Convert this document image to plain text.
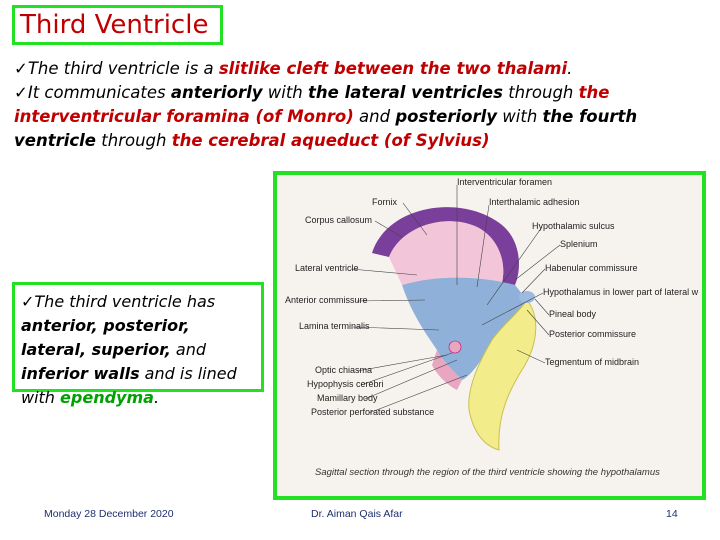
Third Ventricle

✓The third ventricle is a slitlike cleft between the two thalami.

✓It communicates anteriorly with the lateral ventricles through the interventricular foramina (of Monro) and posteriorly with the fourth ventricle through the cerebral aqueduct (of Sylvius)

Fornix
Corpus callosum
Lateral ventricle
Anterior commissure
Lamina terminalis
Optic chiasma
Hypophysis cerebri
Mamillary body
Posterior perforated substance
Interventricular foramen
Interthalamic adhesion
Hypothalamic sulcus
Splenium
Habenular commissure
Hypothalamus in lower part of lateral w
Pineal body
Posterior commissure
Tegmentum of midbrain
Sagittal section through the region of the third ventricle showing the hypothalamus

✓The third ventricle has anterior, posterior, lateral, superior, and inferior walls and is lined with ependyma.

Monday 28 December 2020	Dr. Aiman Qais Afar	14
